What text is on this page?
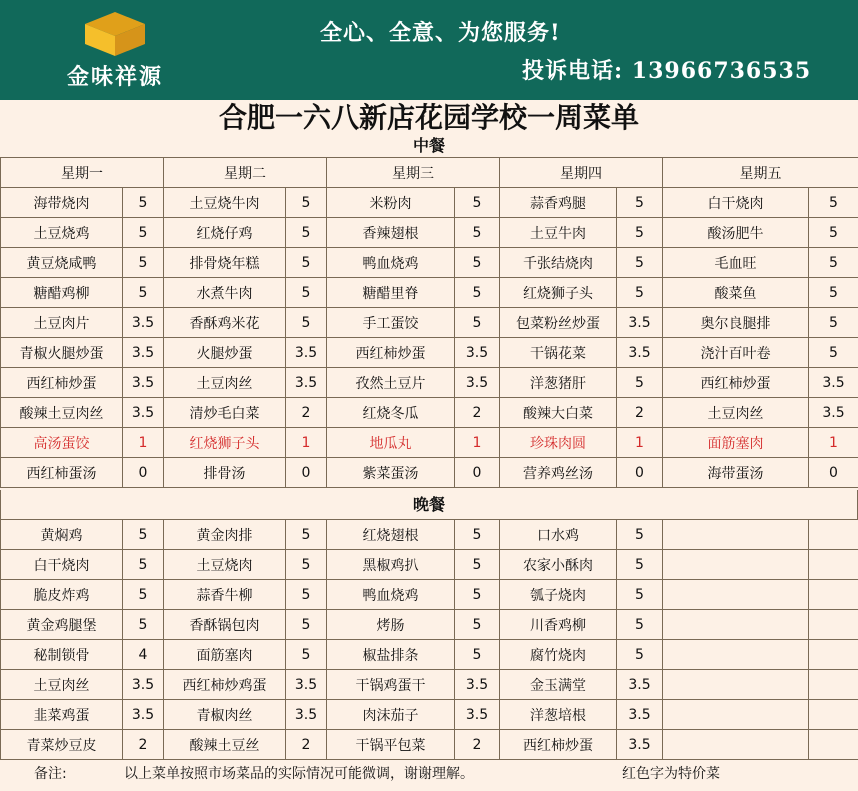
金味祥源
全心、全意、为您服务!
投诉电话: 13966736535
合肥一六八新店花园学校一周菜单
中餐
星期一		星期二		星期三		星期四		星期五	
海带烧肉	5	土豆烧牛肉	5	米粉肉	5	蒜香鸡腿	5	白干烧肉	5
土豆烧鸡	5	红烧仔鸡	5	香辣翅根	5	土豆牛肉	5	酸汤肥牛	5
黄豆烧咸鸭	5	排骨烧年糕	5	鸭血烧鸡	5	千张结烧肉	5	毛血旺	5
糖醋鸡柳	5	水煮牛肉	5	糖醋里脊	5	红烧狮子头	5	酸菜鱼	5
土豆肉片	3.5	香酥鸡米花	5	手工蛋饺	5	包菜粉丝炒蛋	3.5	奥尔良腿排	5
青椒火腿炒蛋	3.5	火腿炒蛋	3.5	西红柿炒蛋	3.5	干锅花菜	3.5	浇汁百叶卷	5
西红柿炒蛋	3.5	土豆肉丝	3.5	孜然土豆片	3.5	洋葱猪肝	5	西红柿炒蛋	3.5
酸辣土豆肉丝	3.5	清炒毛白菜	2	红烧冬瓜	2	酸辣大白菜	2	土豆肉丝	3.5
高汤蛋饺	1	红烧狮子头	1	地瓜丸	1	珍珠肉圆	1	面筋塞肉	1
西红柿蛋汤	0	排骨汤	0	紫菜蛋汤	0	营养鸡丝汤	0	海带蛋汤	0
晚餐
黄焖鸡	5	黄金肉排	5	红烧翅根	5	口水鸡	5		
白干烧肉	5	土豆烧肉	5	黑椒鸡扒	5	农家小酥肉	5		
脆皮炸鸡	5	蒜香牛柳	5	鸭血烧鸡	5	瓠子烧肉	5		
黄金鸡腿堡	5	香酥锅包肉	5	烤肠	5	川香鸡柳	5		
秘制锁骨	4	面筋塞肉	5	椒盐排条	5	腐竹烧肉	5		
土豆肉丝	3.5	西红柿炒鸡蛋	3.5	干锅鸡蛋干	3.5	金玉满堂	3.5		
韭菜鸡蛋	3.5	青椒肉丝	3.5	肉沫茄子	3.5	洋葱培根	3.5		
青菜炒豆皮	2	酸辣土豆丝	2	干锅平包菜	2	西红柿炒蛋	3.5		
备注:	以上菜单按照市场菜品的实际情况可能微调，谢谢理解。	红色字为特价菜
